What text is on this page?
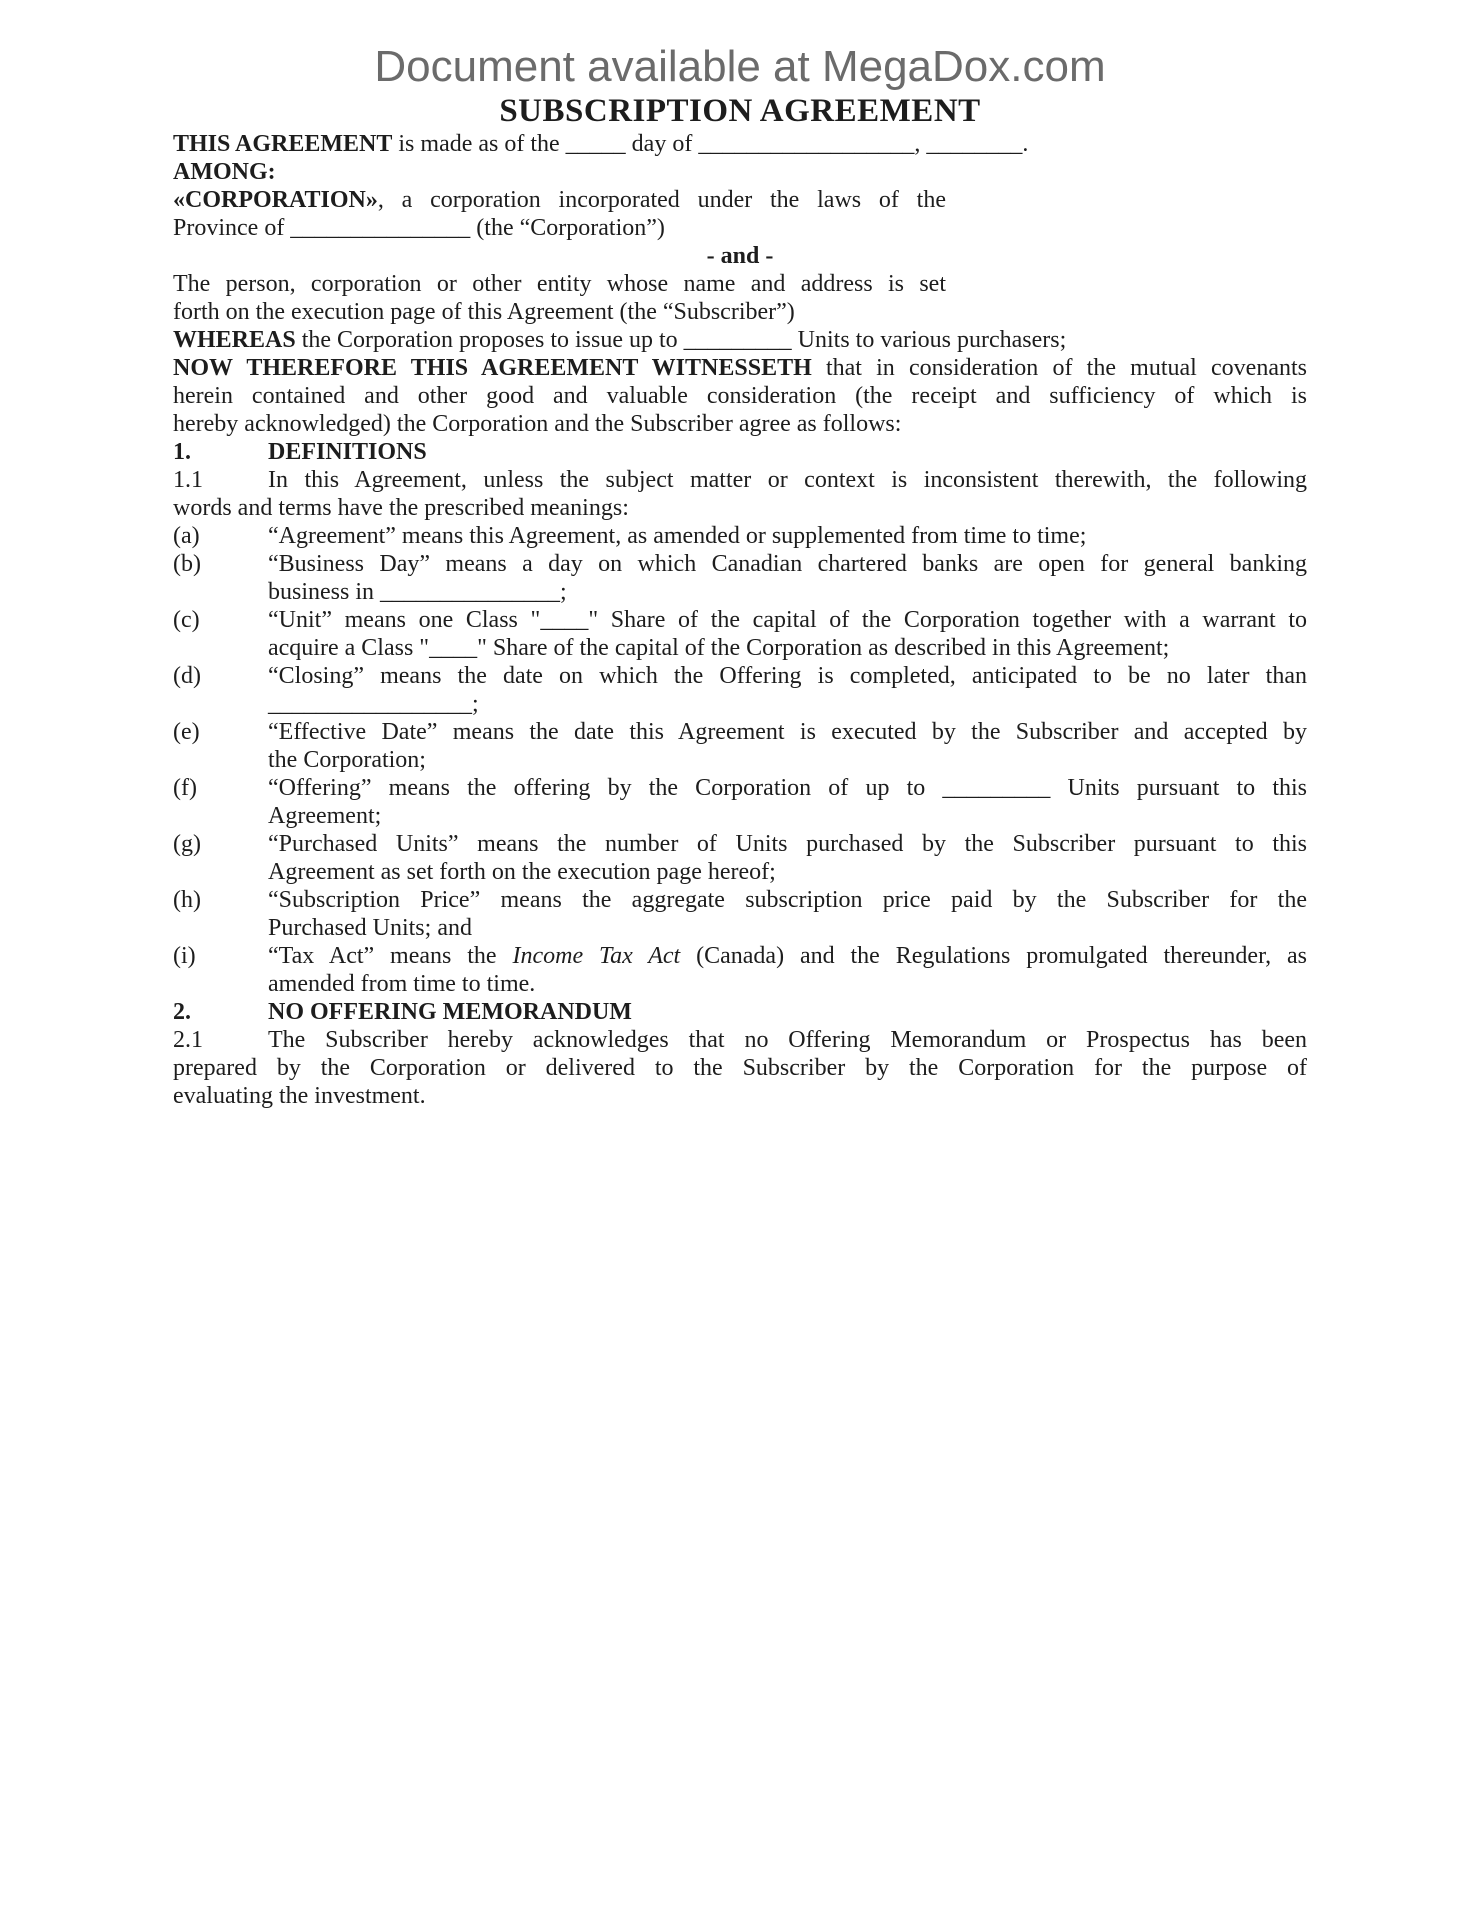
Document available at MegaDox.com
SUBSCRIPTION AGREEMENT

THIS AGREEMENT is made as of the _____ day of __________________, ________.

AMONG:

«CORPORATION», a corporation incorporated under the laws of the
Province of _______________ (the “Corporation”)
- and -
The person, corporation or other entity whose name and address is set
forth on the execution page of this Agreement (the “Subscriber”)

WHEREAS the Corporation proposes to issue up to _________ Units to various purchasers;

NOW THEREFORE THIS AGREEMENT WITNESSETH that in consideration of the mutual covenants
herein contained and other good and valuable consideration (the receipt and sufficiency of which is
hereby acknowledged) the Corporation and the Subscriber agree as follows:
1.	DEFINITIONS
1.1	In this Agreement, unless the subject matter or context is inconsistent therewith, the following
words and terms have the prescribed meanings:
(a)	“Agreement” means this Agreement, as amended or supplemented from time to time;
(b)	“Business Day” means a day on which Canadian chartered banks are open for general banking
business in _______________;
(c)	“Unit” means one Class "____" Share of the capital of the Corporation together with a warrant to
acquire a Class "____" Share of the capital of the Corporation as described in this Agreement;
(d)	“Closing” means the date on which the Offering is completed, anticipated to be no later than
_________________;
(e)	“Effective Date” means the date this Agreement is executed by the Subscriber and accepted by
the Corporation;
(f)	“Offering” means the offering by the Corporation of up to _________ Units pursuant to this
Agreement;
(g)	“Purchased Units” means the number of Units purchased by the Subscriber pursuant to this
Agreement as set forth on the execution page hereof;
(h)	“Subscription Price” means the aggregate subscription price paid by the Subscriber for the
Purchased Units; and
(i)	“Tax Act” means the Income Tax Act (Canada) and the Regulations promulgated thereunder, as
amended from time to time.
2.	NO OFFERING MEMORANDUM
2.1	The Subscriber hereby acknowledges that no Offering Memorandum or Prospectus has been
prepared by the Corporation or delivered to the Subscriber by the Corporation for the purpose of
evaluating the investment.
